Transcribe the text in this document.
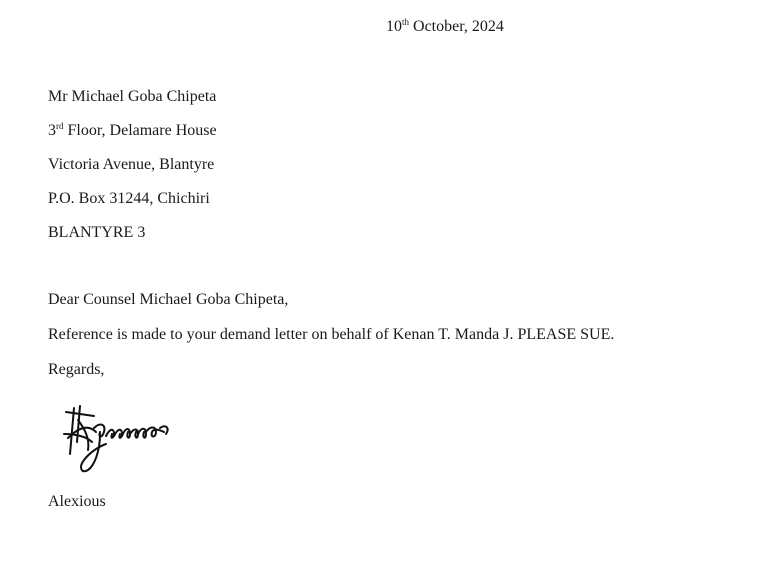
10th October, 2024
Mr Michael Goba Chipeta
3rd Floor, Delamare House
Victoria Avenue, Blantyre
P.O. Box 31244, Chichiri
BLANTYRE 3
Dear Counsel Michael Goba Chipeta,
Reference is made to your demand letter on behalf of Kenan T. Manda J. PLEASE SUE.
Regards,
Alexious
